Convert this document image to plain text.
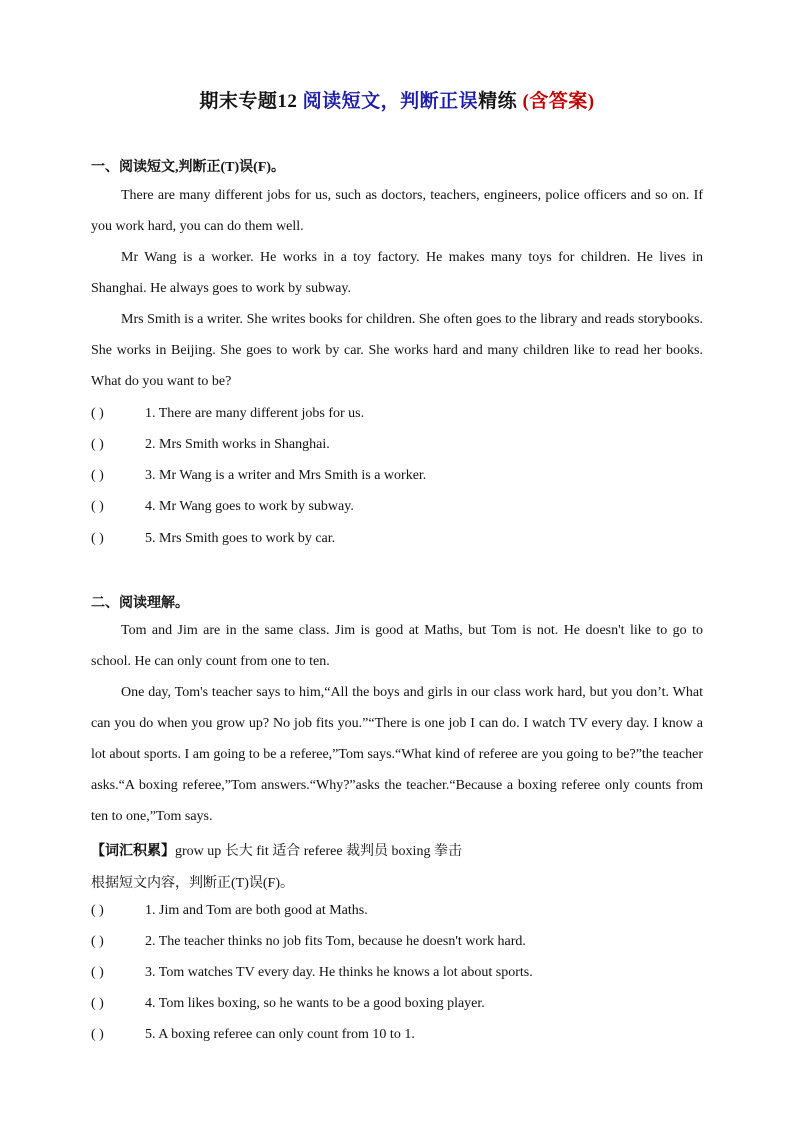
期末专题12 阅读短文，判断正误精练 (含答案)
一、阅读短文,判断正(T)误(F)。

There are many different jobs for us, such as doctors, teachers, engineers, police officers and so on. If you work hard, you can do them well.

Mr Wang is a worker. He works in a toy factory. He makes many toys for children. He lives in Shanghai. He always goes to work by subway.

Mrs Smith is a writer. She writes books for children. She often goes to the library and reads storybooks. She works in Beijing. She goes to work by car. She works hard and many children like to read her books. What do you want to be?

( )	1. There are many different jobs for us.
( )	2. Mrs Smith works in Shanghai.
( )	3. Mr Wang is a writer and Mrs Smith is a worker.
( )	4. Mr Wang goes to work by subway.
( )	5. Mrs Smith goes to work by car.
二、阅读理解。

Tom and Jim are in the same class. Jim is good at Maths, but Tom is not. He doesn't like to go to school. He can only count from one to ten.

One day, Tom's teacher says to him,“All the boys and girls in our class work hard, but you don’t. What can you do when you grow up? No job fits you.”“There is one job I can do. I watch TV every day. I know a lot about sports. I am going to be a referee,”Tom says.“What kind of referee are you going to be?”the teacher asks.“A boxing referee,”Tom answers.“Why?”asks the teacher.“Because a boxing referee only counts from ten to one,”Tom says.

【词汇积累】grow up 长大 fit 适合 referee 裁判员 boxing 拳击
根据短文内容，判断正(T)误(F)。
( )	1. Jim and Tom are both good at Maths.
( )	2. The teacher thinks no job fits Tom, because he doesn't work hard.
( )	3. Tom watches TV every day. He thinks he knows a lot about sports.
( )	4. Tom likes boxing, so he wants to be a good boxing player.
( )	5. A boxing referee can only count from 10 to 1.
